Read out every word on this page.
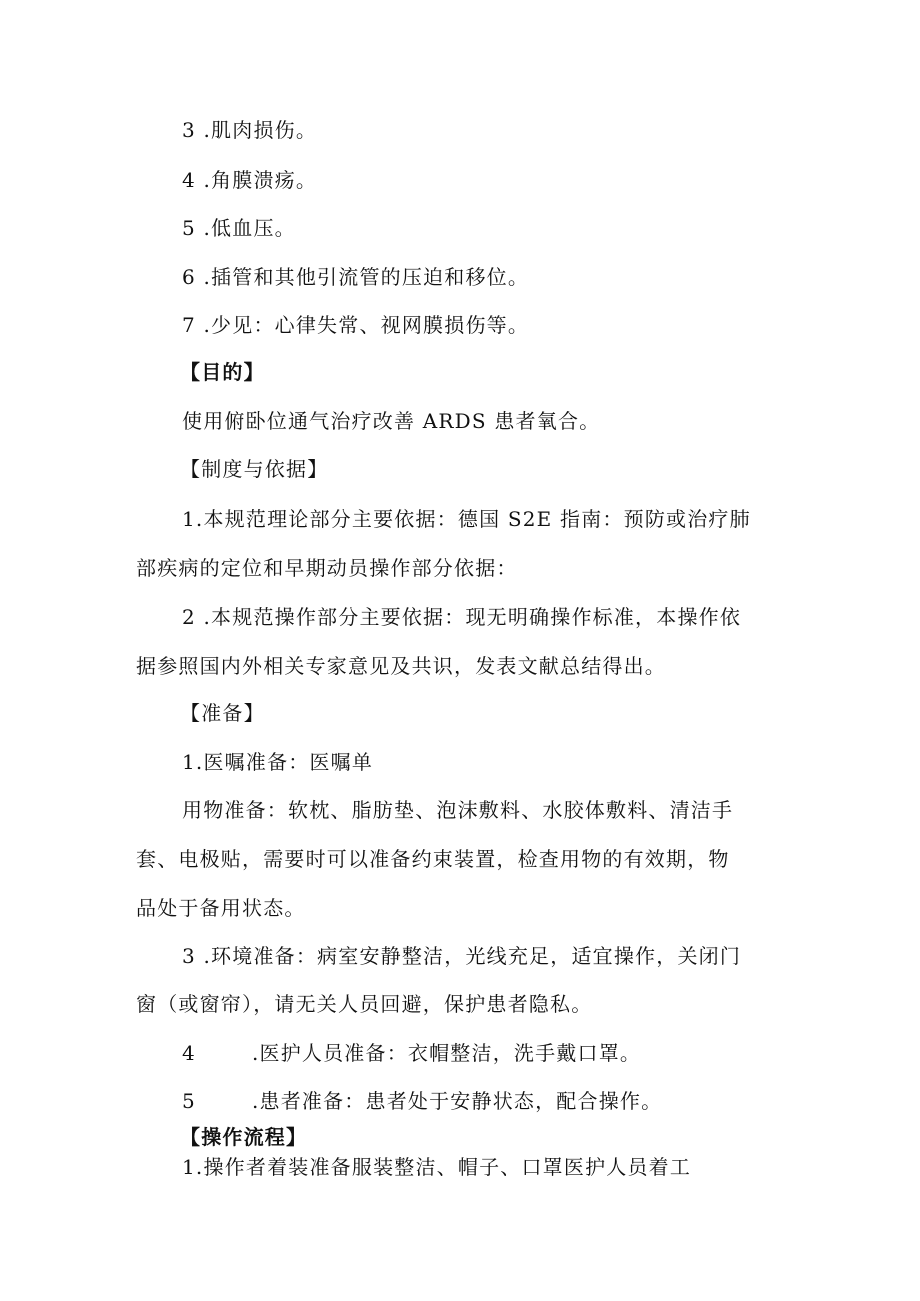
3 .肌肉损伤。
4 .角膜溃疡。
5 .低血压。
6 .插管和其他引流管的压迫和移位。
7 .少见：心律失常、视网膜损伤等。
【目的】
使用俯卧位通气治疗改善 ARDS 患者氧合。
【制度与依据】
1.本规范理论部分主要依据：德国 S2E 指南：预防或治疗肺
部疾病的定位和早期动员操作部分依据：
2 .本规范操作部分主要依据：现无明确操作标准，本操作依
据参照国内外相关专家意见及共识，发表文献总结得出。
【准备】
1.医嘱准备：医嘱单
用物准备：软枕、脂肪垫、泡沫敷料、水胶体敷料、清洁手
套、电极贴，需要时可以准备约束装置，检查用物的有效期，物
品处于备用状态。
3 .环境准备：病室安静整洁，光线充足，适宜操作，关闭门
窗（或窗帘），请无关人员回避，保护患者隐私。
4	.医护人员准备：衣帽整洁，洗手戴口罩。
5	.患者准备：患者处于安静状态，配合操作。
【操作流程】
1.操作者着装准备服装整洁、帽子、口罩医护人员着工
